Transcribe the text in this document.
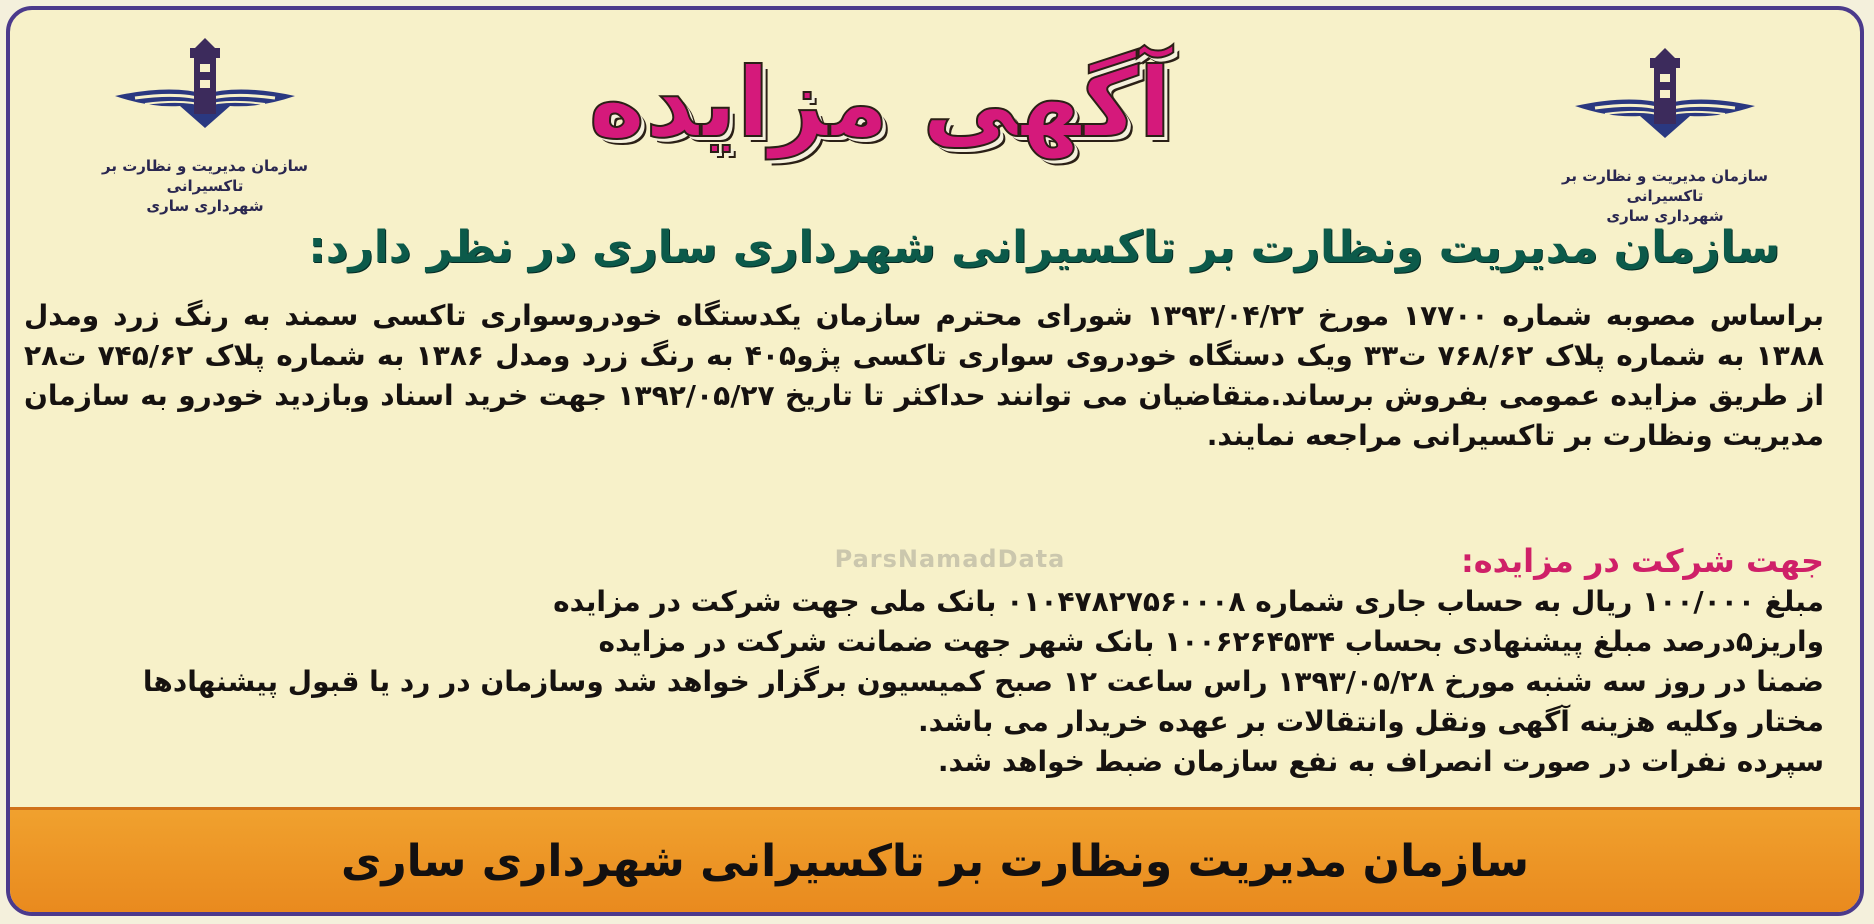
سازمان مدیریت و نظارت بر تاکسیرانی
شهرداری ساری
سازمان مدیریت و نظارت بر تاکسیرانی
شهرداری ساری
آگهی مزایده
سازمان مدیریت ونظارت بر تاکسیرانی شهرداری ساری در نظر دارد:
براساس مصوبه شماره ۱۷۷۰۰ مورخ ۱۳۹۳/۰۴/۲۲ شورای محترم سازمان یکدستگاه خودروسواری تاکسی سمند به رنگ زرد ومدل ۱۳۸۸ به شماره پلاک ۷۶۸/۶۲ ت۳۳ ویک دستگاه خودروی سواری تاکسی پژو۴۰۵ به رنگ زرد ومدل ۱۳۸۶ به شماره پلاک ۷۴۵/۶۲ ت۲۸ از طریق مزایده عمومی بفروش برساند.متقاضیان می توانند حداکثر تا تاریخ ۱۳۹۲/۰۵/۲۷ جهت خرید اسناد وبازدید خودرو به سازمان مدیریت ونظارت بر تاکسیرانی مراجعه نمایند.
ParsNamadData	جهت شرکت در مزایده:
مبلغ ۱۰۰/۰۰۰ ریال به حساب جاری شماره ۰۱۰۴۷۸۲۷۵۶۰۰۰۸ بانک ملی جهت شرکت در مزایده
واریز۵درصد مبلغ پیشنهادی بحساب ۱۰۰۶۲۶۴۵۳۴ بانک شهر جهت ضمانت شرکت در مزایده
ضمنا در روز سه شنبه مورخ ۱۳۹۳/۰۵/۲۸ راس ساعت ۱۲ صبح کمیسیون برگزار خواهد شد وسازمان در رد یا قبول پیشنهادها
مختار وکلیه هزینه آگهی ونقل وانتقالات بر عهده خریدار می باشد.
سپرده نفرات در صورت انصراف به نفع سازمان ضبط خواهد شد.
سازمان مدیریت ونظارت بر تاکسیرانی شهرداری ساری
